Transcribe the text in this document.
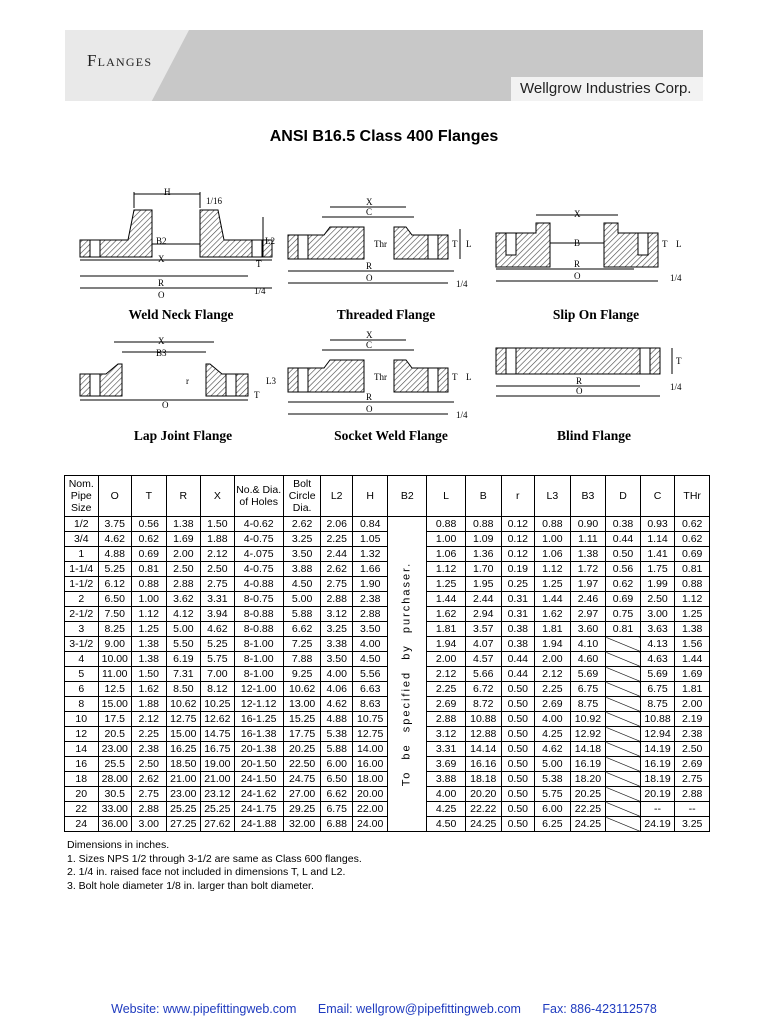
Flanges
Wellgrow Industries Corp.
ANSI B16.5 Class 400 Flanges
H
1/16
B2
X
L2
T
R
O	1/4
Weld Neck Flange
X
C
Thr	T L
R
O
1/4
Threaded Flange
X
B	T L
R
O	1/4
Slip On Flange
X
B3
r	L3
T
O
Lap Joint Flange
X
C
Thr	T L
R
O
1/4
Socket Weld Flange
T
R
O	1/4
Blind Flange
Nom. Pipe Size	O	T	R	X	No.& Dia. of Holes	Bolt Circle Dia.	L2	H	B2	L	B	r	L3	B3	D	C	THr
1/2	3.75	0.56	1.38	1.50	4-0.62	2.62	2.06	0.84	To be specified by purchaser.	0.88	0.88	0.12	0.88	0.90	0.38	0.93	0.62
3/4	4.62	0.62	1.69	1.88	4-0.75	3.25	2.25	1.05		1.00	1.09	0.12	1.00	1.11	0.44	1.14	0.62
1	4.88	0.69	2.00	2.12	4-.075	3.50	2.44	1.32		1.06	1.36	0.12	1.06	1.38	0.50	1.41	0.69
1-1/4	5.25	0.81	2.50	2.50	4-0.75	3.88	2.62	1.66		1.12	1.70	0.19	1.12	1.72	0.56	1.75	0.81
1-1/2	6.12	0.88	2.88	2.75	4-0.88	4.50	2.75	1.90		1.25	1.95	0.25	1.25	1.97	0.62	1.99	0.88
2	6.50	1.00	3.62	3.31	8-0.75	5.00	2.88	2.38		1.44	2.44	0.31	1.44	2.46	0.69	2.50	1.12
2-1/2	7.50	1.12	4.12	3.94	8-0.88	5.88	3.12	2.88		1.62	2.94	0.31	1.62	2.97	0.75	3.00	1.25
3	8.25	1.25	5.00	4.62	8-0.88	6.62	3.25	3.50		1.81	3.57	0.38	1.81	3.60	0.81	3.63	1.38
3-1/2	9.00	1.38	5.50	5.25	8-1.00	7.25	3.38	4.00		1.94	4.07	0.38	1.94	4.10		4.13	1.56
4	10.00	1.38	6.19	5.75	8-1.00	7.88	3.50	4.50		2.00	4.57	0.44	2.00	4.60		4.63	1.44
5	11.00	1.50	7.31	7.00	8-1.00	9.25	4.00	5.56		2.12	5.66	0.44	2.12	5.69		5.69	1.69
6	12.5	1.62	8.50	8.12	12-1.00	10.62	4.06	6.63		2.25	6.72	0.50	2.25	6.75		6.75	1.81
8	15.00	1.88	10.62	10.25	12-1.12	13.00	4.62	8.63		2.69	8.72	0.50	2.69	8.75		8.75	2.00
10	17.5	2.12	12.75	12.62	16-1.25	15.25	4.88	10.75		2.88	10.88	0.50	4.00	10.92		10.88	2.19
12	20.5	2.25	15.00	14.75	16-1.38	17.75	5.38	12.75		3.12	12.88	0.50	4.25	12.92		12.94	2.38
14	23.00	2.38	16.25	16.75	20-1.38	20.25	5.88	14.00		3.31	14.14	0.50	4.62	14.18		14.19	2.50
16	25.5	2.50	18.50	19.00	20-1.50	22.50	6.00	16.00		3.69	16.16	0.50	5.00	16.19		16.19	2.69
18	28.00	2.62	21.00	21.00	24-1.50	24.75	6.50	18.00		3.88	18.18	0.50	5.38	18.20		18.19	2.75
20	30.5	2.75	23.00	23.12	24-1.62	27.00	6.62	20.00		4.00	20.20	0.50	5.75	20.25		20.19	2.88
22	33.00	2.88	25.25	25.25	24-1.75	29.25	6.75	22.00		4.25	22.22	0.50	6.00	22.25		--	--
24	36.00	3.00	27.25	27.62	24-1.88	32.00	6.88	24.00		4.50	24.25	0.50	6.25	24.25		24.19	3.25
Dimensions in inches.
1. Sizes NPS 1/2 through 3-1/2 are same as Class 600 flanges.
2. 1/4 in. raised face not included in dimensions T, L and L2.
3. Bolt hole diameter 1/8 in. larger than bolt diameter.
Website: www.pipefittingweb.com Email: wellgrow@pipefittingweb.com Fax: 886-423112578
